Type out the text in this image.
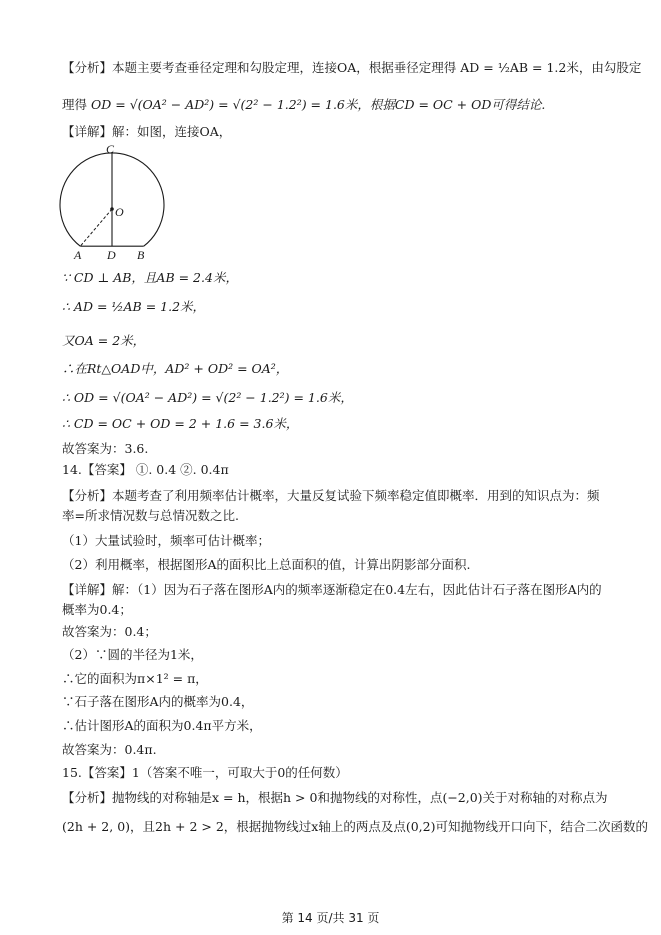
【分析】本题主要考查垂径定理和勾股定理，连接OA，根据垂径定理得 AD = ½AB = 1.2米，由勾股定
理得 OD = √(OA² − AD²) = √(2² − 1.2²) = 1.6米，根据CD = OC + OD可得结论.
【详解】解：如图，连接OA，
C
O
A D B
∵ CD ⊥ AB，且AB = 2.4米，
∴ AD = ½AB = 1.2米，
又OA = 2米，
∴在Rt△OAD中，AD² + OD² = OA²，
∴ OD = √(OA² − AD²) = √(2² − 1.2²) = 1.6米，
∴ CD = OC + OD = 2 + 1.6 = 3.6米，
故答案为：3.6.
14.【答案】 ①. 0.4 ②. 0.4π
【分析】本题考查了利用频率估计概率，大量反复试验下频率稳定值即概率．用到的知识点为：频率=所求情况数与总情况数之比.
（1）大量试验时，频率可估计概率；
（2）利用概率，根据图形A的面积比上总面积的值，计算出阴影部分面积.
【详解】解：（1）因为石子落在图形A内的频率逐渐稳定在0.4左右，因此估计石子落在图形A内的概率为0.4；
故答案为：0.4；
（2）∵圆的半径为1米，
∴它的面积为π×1² = π，
∵石子落在图形A内的概率为0.4，
∴估计图形A的面积为0.4π平方米，
故答案为：0.4π.
15.【答案】1（答案不唯一，可取大于0的任何数）
【分析】抛物线的对称轴是x = h，根据h > 0和抛物线的对称性，点(−2,0)关于对称轴的对称点为
(2h + 2, 0)，且2h + 2 > 2，根据抛物线过x轴上的两点及点(0,2)可知抛物线开口向下，结合二次函数的
第 14 页/共 31 页
